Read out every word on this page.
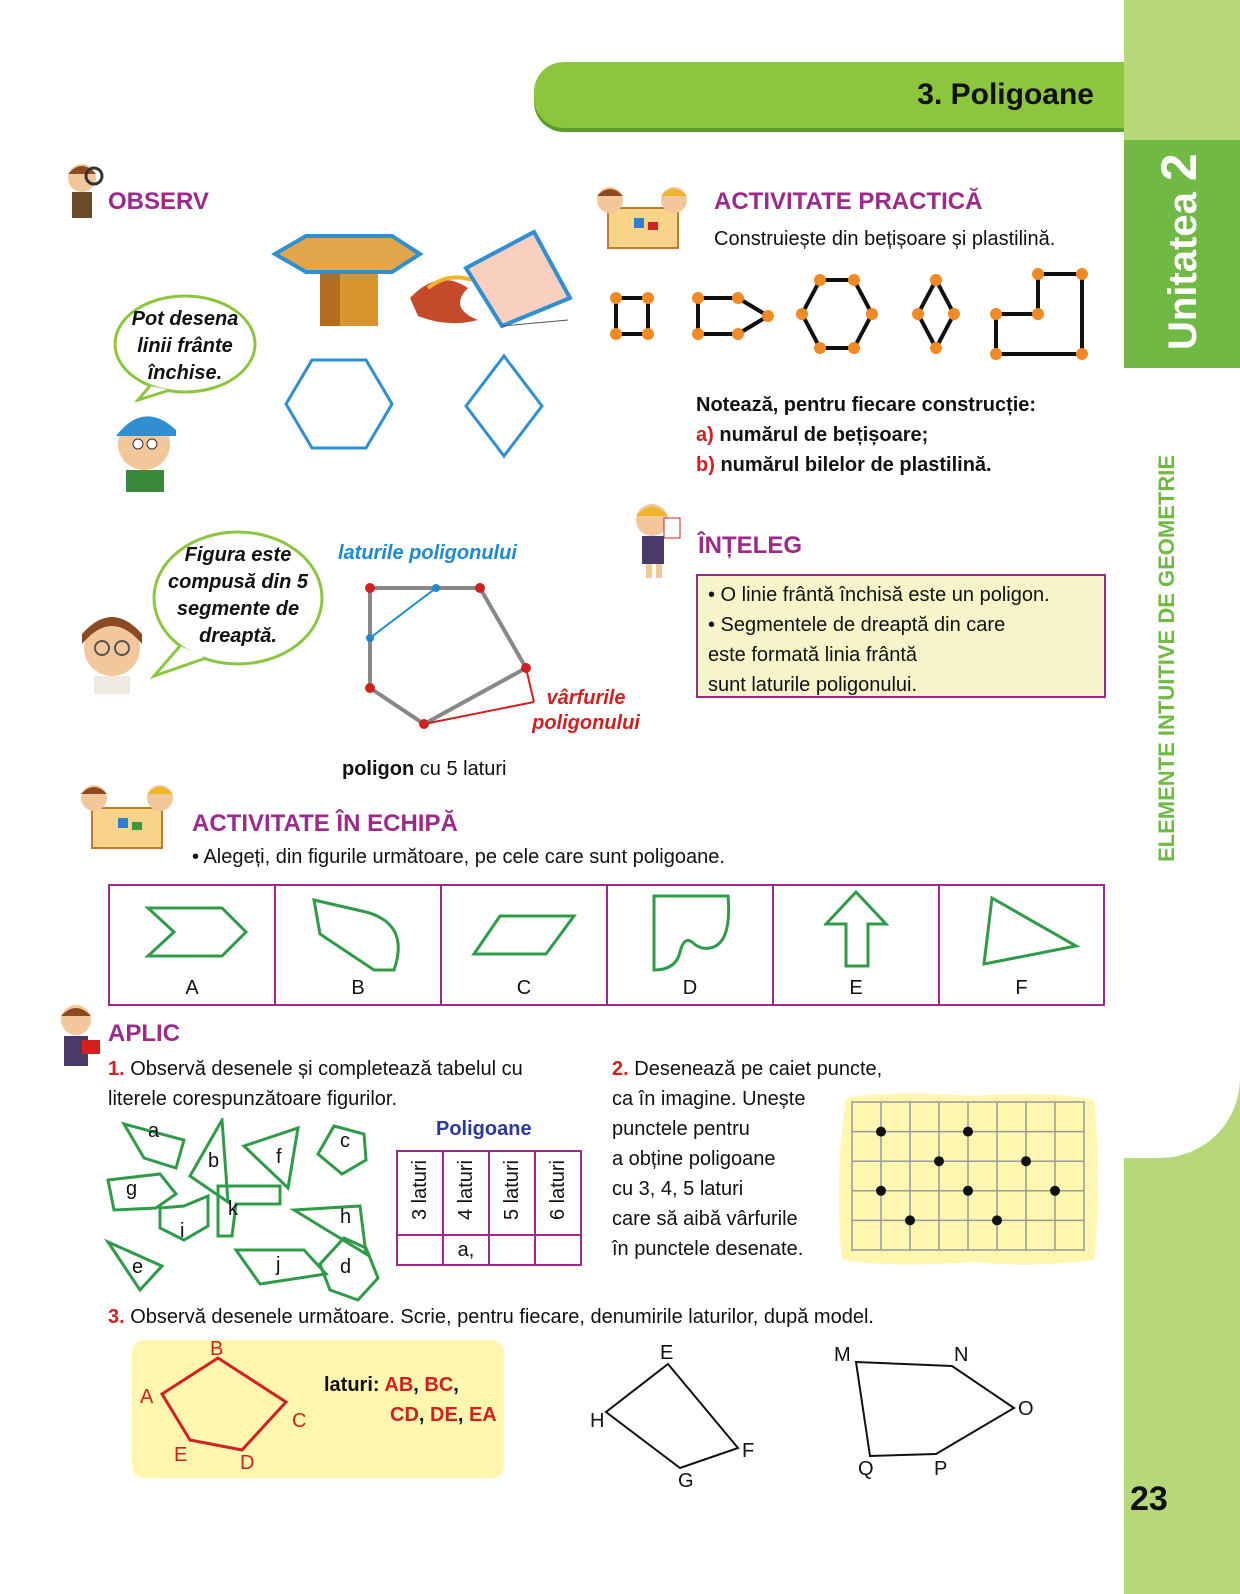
Unitatea 2
ELEMENTE INTUITIVE DE GEOMETRIE
23
3. Poligoane
OBSERV
Pot desena linii frânte închise.
Figura este compusă din 5 segmente de dreaptă.
laturile poligonului
vârfurile poligonului
poligon cu 5 laturi
ACTIVITATE PRACTICĂ
Construiește din bețișoare și plastilină.
Notează, pentru fiecare construcție:
a) numărul de bețișoare;
b) numărul bilelor de plastilină.
ÎNȚELEG
• O linie frântă închisă este un poligon.
• Segmentele de dreaptă din care
este formată linia frântă
sunt laturile poligonului.
ACTIVITATE ÎN ECHIPĂ
• Alegeți, din figurile următoare, pe cele care sunt poligoane.
A	B	C	D	E	F
APLIC
1. Observă desenele și completează tabelul cu literele corespunzătoare figurilor.
a
b
c
d
e
f
g
h
i
j
k
Poligoane
3 laturi	4 laturi	5 laturi	6 laturi
	a,		
2. Desenează pe caiet puncte,
ca în imagine. Unește
punctele pentru
a obține poligoane
cu 3, 4, 5 laturi
care să aibă vârfurile
în punctele desenate.
3. Observă desenele următoare. Scrie, pentru fiecare, denumirile laturilor, după model.
B
A
C
D
E
laturi: AB, BC,
CD, DE, EA
E
F
G
H
M	N
O
P
Q
